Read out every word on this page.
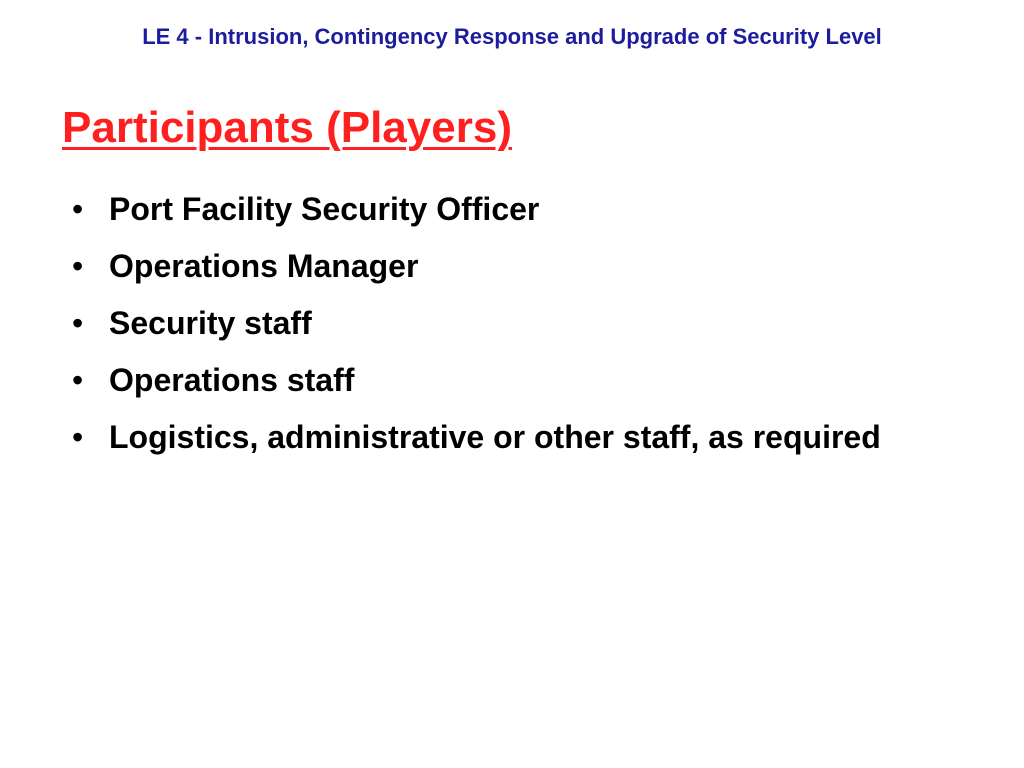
LE 4 - Intrusion, Contingency Response and Upgrade of Security Level
Participants (Players)
• Port Facility Security Officer
• Operations Manager
• Security staff
• Operations staff
• Logistics, administrative or other staff, as required
